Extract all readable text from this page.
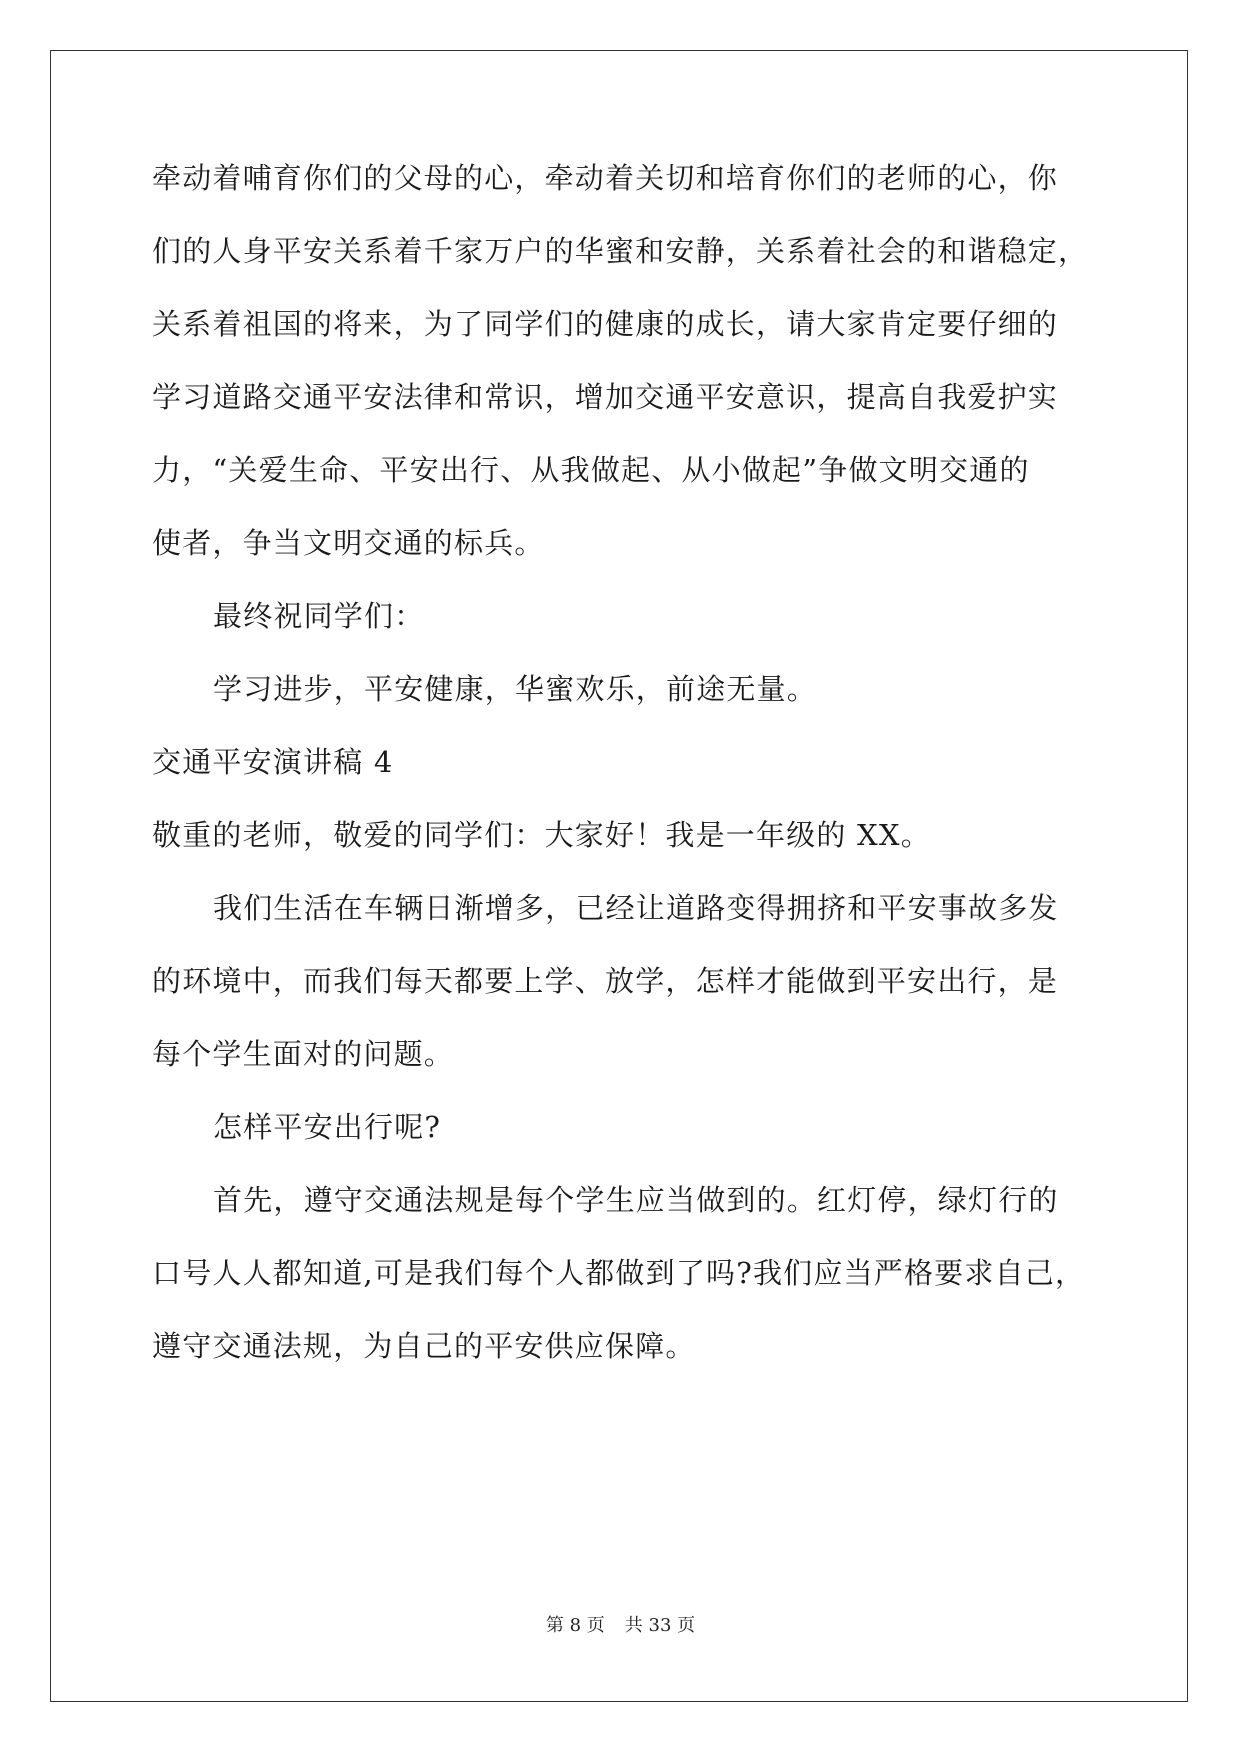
牵动着哺育你们的父母的心，牵动着关切和培育你们的老师的心，你
们的人身平安关系着千家万户的华蜜和安静，关系着社会的和谐稳定，
关系着祖国的将来，为了同学们的健康的成长，请大家肯定要仔细的
学习道路交通平安法律和常识，增加交通平安意识，提高自我爱护实
力，“关爱生命、平安出行、从我做起、从小做起”争做文明交通的
使者，争当文明交通的标兵。
最终祝同学们：
学习进步，平安健康，华蜜欢乐，前途无量。
交通平安演讲稿 4
敬重的老师，敬爱的同学们：大家好！我是一年级的 XX。
我们生活在车辆日渐增多，已经让道路变得拥挤和平安事故多发
的环境中，而我们每天都要上学、放学，怎样才能做到平安出行，是
每个学生面对的问题。
怎样平安出行呢?
首先，遵守交通法规是每个学生应当做到的。红灯停，绿灯行的
口号人人都知道,可是我们每个人都做到了吗?我们应当严格要求自己，
遵守交通法规，为自己的平安供应保障。
第 8 页 共 33 页
